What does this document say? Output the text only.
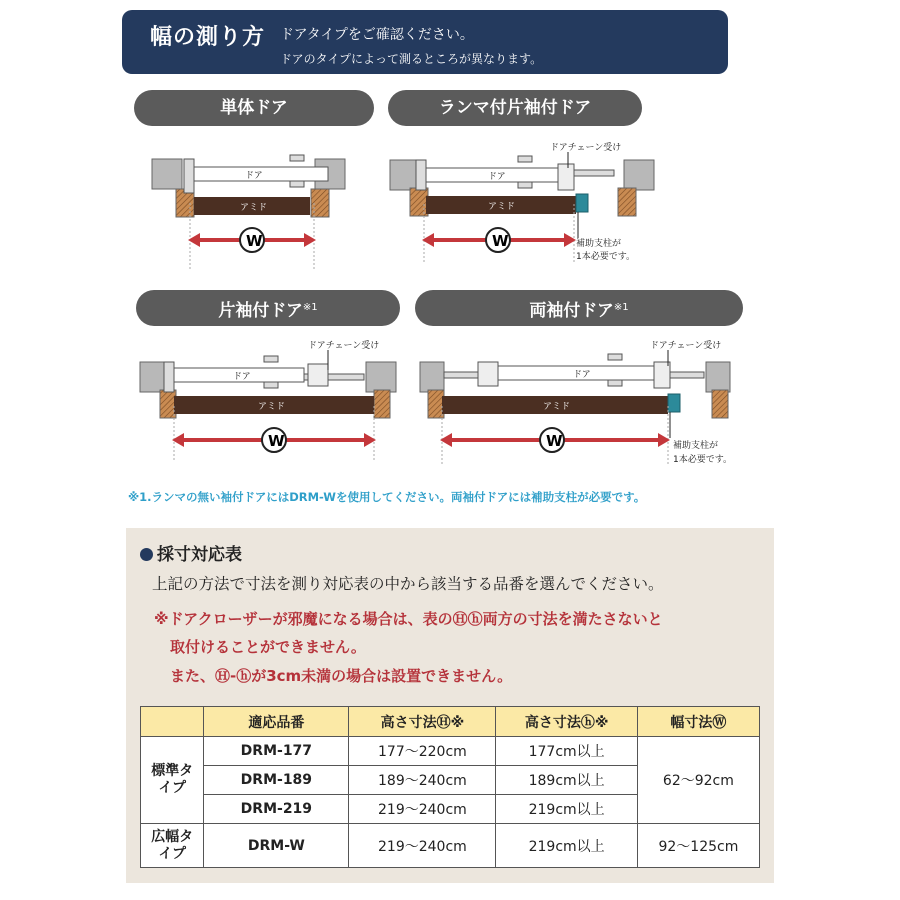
幅の測り方 ドアタイプをご確認ください。
ドアのタイプによって測るところが異なります。
単体ドア	ランマ付片袖付ドア
片袖付ドア$^{※1}$	両袖付ドア$^{※1}$
ドア
アミド
W
ドア
アミド
ドアチェーン受け
補助支柱が
1本必要です。
W
ドア
アミド
ドアチェーン受け
W
ドア
アミド
ドアチェーン受け
補助支柱が
1本必要です。
W
※1.ランマの無い袖付ドアにはDRM-Wを使用してください。両袖付ドアには補助支柱が必要です。
採寸対応表
上記の方法で寸法を測り対応表の中から該当する品番を選んでください。
※ドアクローザーが邪魔になる場合は、表のⒽⓗ両方の寸法を満たさないと
取付けることができません。
また、Ⓗ-ⓗが3cm未満の場合は設置できません。
	適応品番	高さ寸法Ⓗ※	高さ寸法ⓗ※	幅寸法Ⓦ
標準タイプ	DRM-177	177〜220cm	177cm以上	62〜92cm
	DRM-189	189〜240cm	189cm以上	
	DRM-219	219〜240cm	219cm以上	
広幅タイプ	DRM-W	219〜240cm	219cm以上	92〜125cm
